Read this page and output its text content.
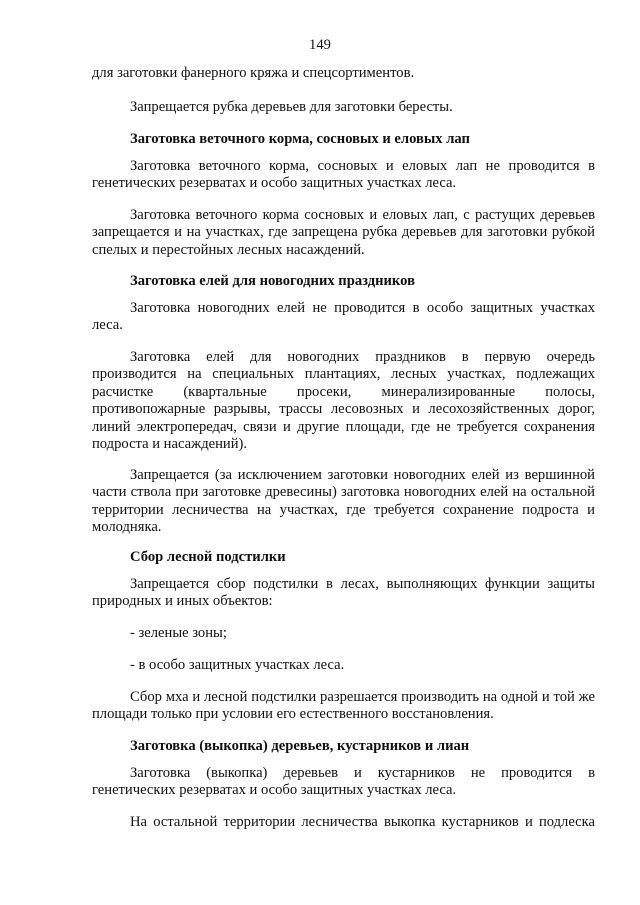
149

для заготовки фанерного кряжа и спецсортиментов.

Запрещается рубка деревьев для заготовки бересты.

Заготовка веточного корма, сосновых и еловых лап

Заготовка веточного корма, сосновых и еловых лап не проводится в генетических резерватах и особо защитных участках леса.

Заготовка веточного корма сосновых и еловых лап, с растущих деревьев запрещается и на участках, где запрещена рубка деревьев для заготовки рубкой спелых и перестойных лесных насаждений.

Заготовка елей для новогодних праздников

Заготовка новогодних елей не проводится в особо защитных участках леса.

Заготовка елей для новогодних праздников в первую очередь производится на специальных плантациях, лесных участках, подлежащих расчистке (квартальные просеки, минерализированные полосы, противопожарные разрывы, трассы лесовозных и лесохозяйственных дорог, линий электропередач, связи и другие площади, где не требуется сохранения подроста и насаждений).

Запрещается (за исключением заготовки новогодних елей из вершинной части ствола при заготовке древесины) заготовка новогодних елей на остальной территории лесничества на участках, где требуется сохранение подроста и молодняка.

Сбор лесной подстилки

Запрещается сбор подстилки в лесах, выполняющих функции защиты природных и иных объектов:

- зеленые зоны;

- в особо защитных участках леса.

Сбор мха и лесной подстилки разрешается производить на одной и той же площади только при условии его естественного восстановления.

Заготовка (выкопка) деревьев, кустарников и лиан

Заготовка (выкопка) деревьев и кустарников не проводится в генетических резерватах и особо защитных участках леса.

На остальной территории лесничества выкопка кустарников и подлеска
